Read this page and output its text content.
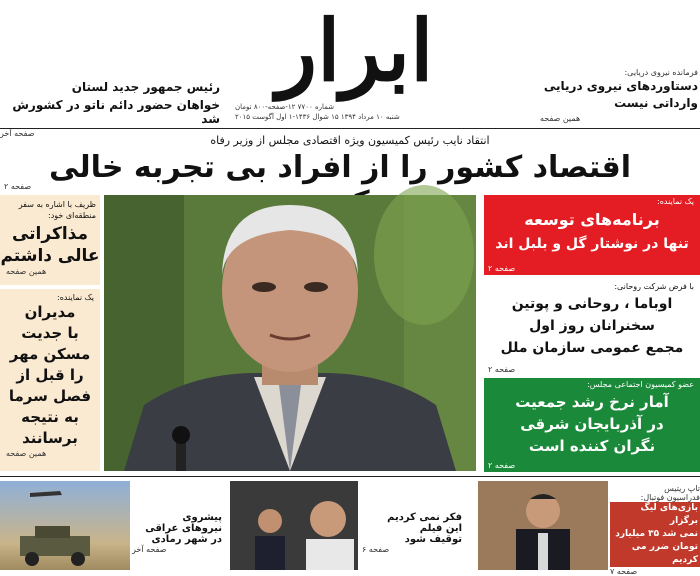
ابرار
شماره ۷۷۰۰ ۱۲-صفحه-۸۰۰ تومان
شنبه ۱۰ مرداد ۱۳۹۴ ۱۵ شوال ۱۴۳۶-۱ اول آگوست ۲۰۱۵
رئیس جمهور جدید لستان
خواهان حضور دائم ناتو در کشورش شد
صفحه آخر
فرمانده نیروی دریایی:
دستاوردهای نیروی دریایی
وارداتی نیست
همین صفحه
انتقاد نایب رئیس کمیسیون ویژه اقتصادی مجلس از وزیر رفاه
اقتصاد کشور را از افراد بی تجربه خالی
صفحه ۲
ظریف با اشاره به سفر منطقه‌ای خود:
مذاکراتی
عالی داشتم
همین صفحه
یک نماینده:
مدیران
با جدیت
مسکن مهر
را قبل از
فصل سرما
به نتیجه
برسانند
همین صفحه
یک نماینده:
برنامه‌های توسعه
تنها در نوشتار گل و بلبل اند
صفحه ۲
با فرض شرکت روحانی:
اوباما ، روحانی و پوتین
سخنرانان روز اول
مجمع عمومی سازمان ملل
صفحه ۲
عضو کمیسیون اجتماعی مجلس:
آمار نرخ رشد جمعیت
در آذربایجان شرقی
نگران کننده است
صفحه ۲
پیشروی
نیروهای عراقی
در شهر رمادی
صفحه آخر
فکر نمی کردیم
این فیلم
توقیف شود
صفحه ۶
تاپ ریتیس
فدراسیون فوتبال:
بازی‌های لیگ برگزار
نمی شد ۳۵ میلیارد
تومان ضرر می کردیم
صفحه ۷
